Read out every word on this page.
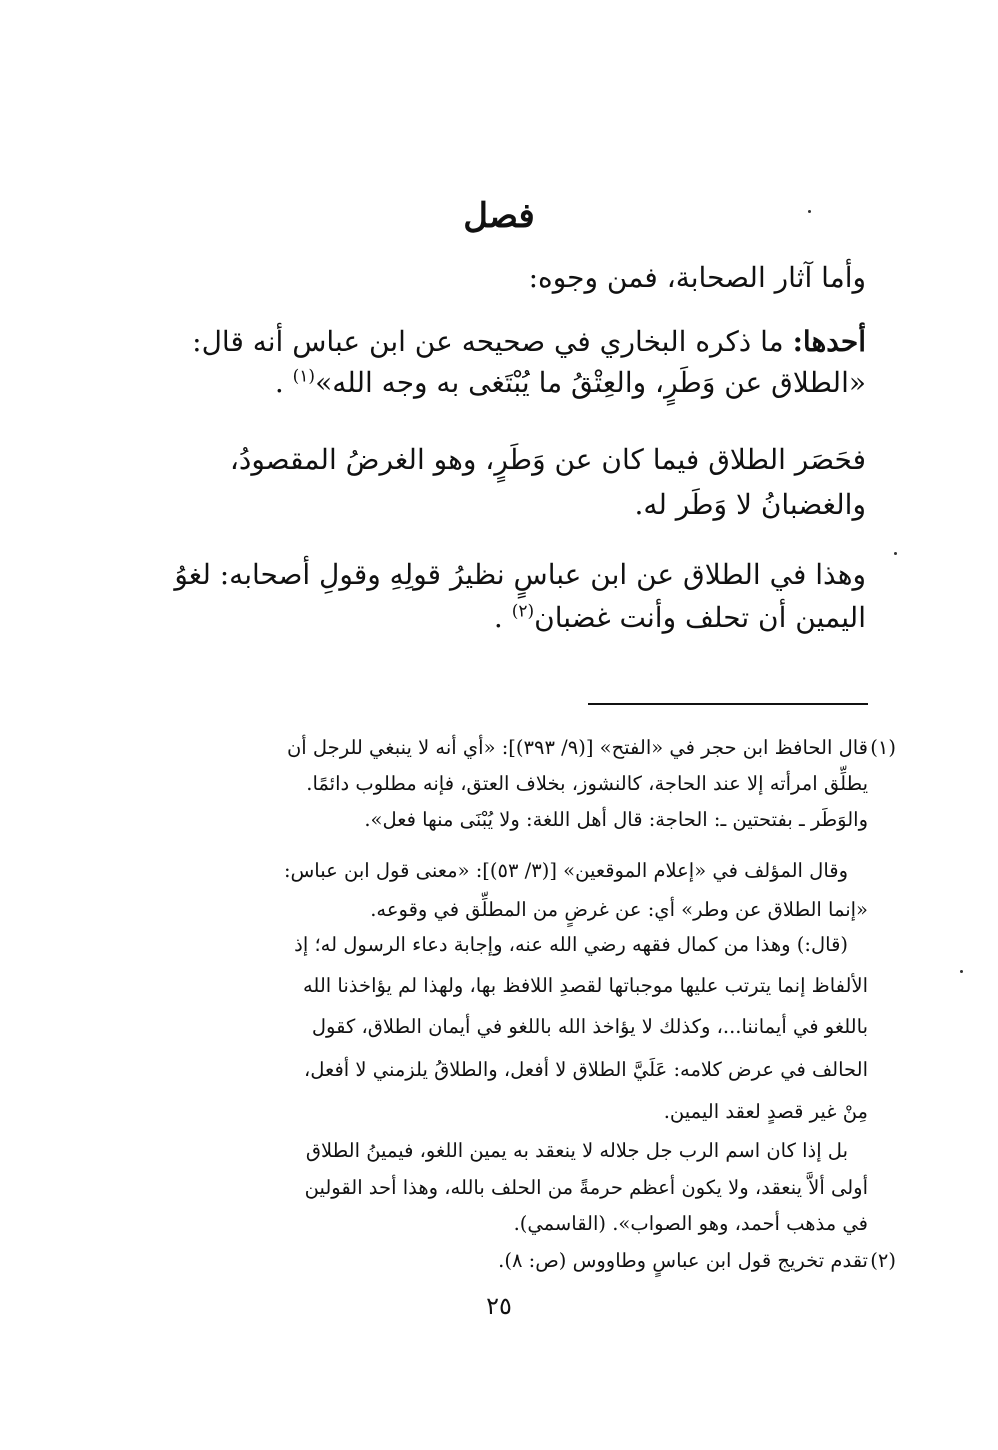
فصل
وأما آثار الصحابة، فمن وجوه:
أحدها: ما ذكره البخاري في صحيحه عن ابن عباس أنه قال:
«الطلاق عن وَطَرٍ، والعِتْقُ ما يُبْتَغى به وجه الله»$^{(١)}$ .
فحَصَر الطلاق فيما كان عن وَطَرٍ، وهو الغرضُ المقصودُ،
والغضبانُ لا وَطَر له.
وهذا في الطلاق عن ابن عباسٍ نظيرُ قولِهِ وقولِ أصحابه: لغوُ
اليمين أن تحلف وأنت غضبان$^{(٢)}$ .
(١)
قال الحافظ ابن حجر في «الفتح» [(٩/ ٣٩٣)]: «أي أنه لا ينبغي للرجل أن
يطلِّق امرأته إلا عند الحاجة، كالنشوز، بخلاف العتق، فإنه مطلوب دائمًا.
والوَطَر ـ بفتحتين ـ: الحاجة: قال أهل اللغة: ولا يُبْنَى منها فعل».
وقال المؤلف في «إعلام الموقعين» [(٣/ ٥٣)]: «معنى قول ابن عباس:
«إنما الطلاق عن وطر» أي: عن غرضٍ من المطلِّق في وقوعه.
(قال:) وهذا من كمال فقهه رضي الله عنه، وإجابة دعاء الرسول له؛ إذ
الألفاظ إنما يترتب عليها موجباتها لقصدِ اللافظ بها، ولهذا لم يؤاخذنا الله
باللغو في أيماننا...، وكذلك لا يؤاخذ الله باللغو في أيمان الطلاق، كقول
الحالف في عرض كلامه: عَلَيَّ الطلاق لا أفعل، والطلاقُ يلزمني لا أفعل،
مِنْ غير قصدٍ لعقد اليمين.
بل إذا كان اسم الرب جل جلاله لا ينعقد به يمين اللغو، فيمينُ الطلاق
أولى ألاَّ ينعقد، ولا يكون أعظم حرمةً من الحلف بالله، وهذا أحد القولين
في مذهب أحمد، وهو الصواب». (القاسمي).
(٢)
تقدم تخريج قول ابن عباسٍ وطاووس (ص: ٨).
٢٥
